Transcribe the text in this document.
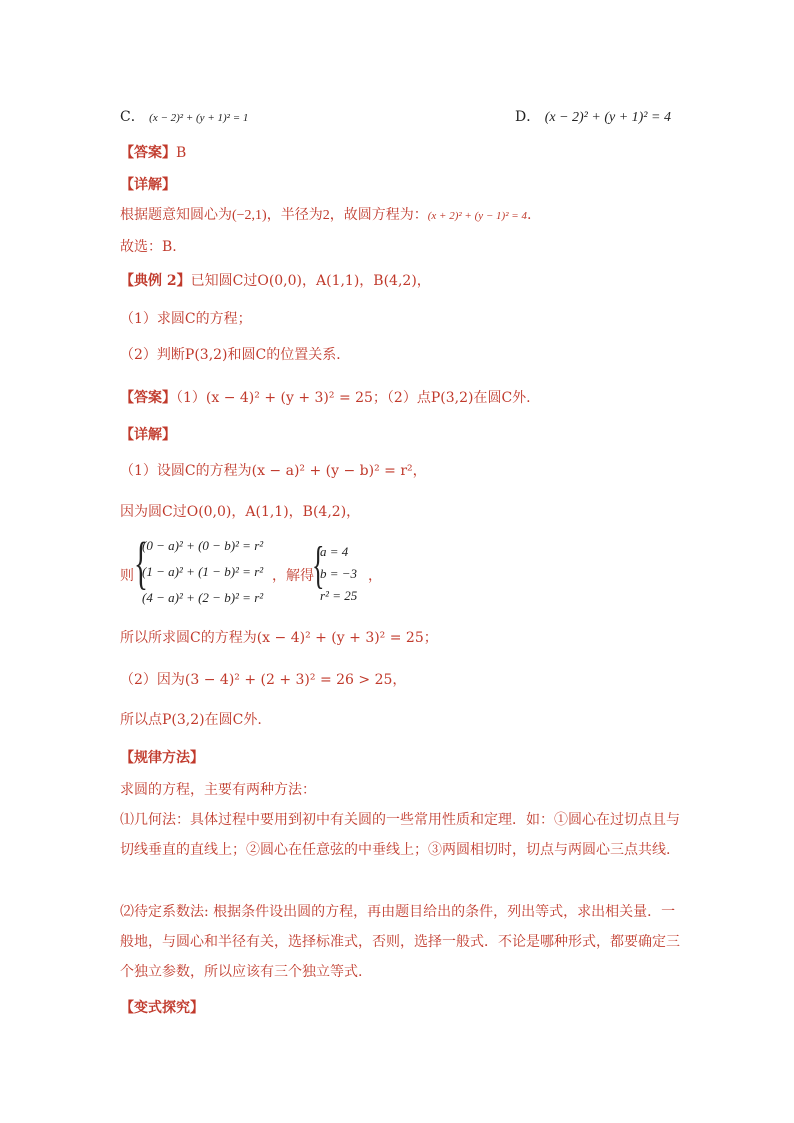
C． (x − 2)² + (y + 1)² = 1	D． (x − 2)² + (y + 1)² = 4
【答案】B
【详解】
根据题意知圆心为(−2,1)，半径为2，故圆方程为：(x + 2)² + (y − 1)² = 4.
故选：B.
【典例 2】已知圆C过O(0,0)，A(1,1)，B(4,2)，
（1）求圆C的方程；
（2）判断P(3,2)和圆C的位置关系．
【答案】（1）(x − 4)² + (y + 3)² = 25；（2）点P(3,2)在圆C外.
【详解】
（1）设圆C的方程为(x − a)² + (y − b)² = r²，
因为圆C过O(0,0)，A(1,1)，B(4,2)，
则 {
(0 − a)² + (0 − b)² = r²
(1 − a)² + (1 − b)² = r²
(4 − a)² + (2 − b)² = r²
，解得
{
a = 4
b = −3
r² = 25
，
所以所求圆C的方程为(x − 4)² + (y + 3)² = 25；
（2）因为(3 − 4)² + (2 + 3)² = 26 > 25，
所以点P(3,2)在圆C外.
【规律方法】
求圆的方程，主要有两种方法：
⑴几何法：具体过程中要用到初中有关圆的一些常用性质和定理．如：①圆心在过切点且与切线垂直的直线上；②圆心在任意弦的中垂线上；③两圆相切时，切点与两圆心三点共线.
⑵待定系数法: 根据条件设出圆的方程，再由题目给出的条件，列出等式，求出相关量．一般地，与圆心和半径有关，选择标准式，否则，选择一般式．不论是哪种形式，都要确定三个独立参数，所以应该有三个独立等式.
【变式探究】
